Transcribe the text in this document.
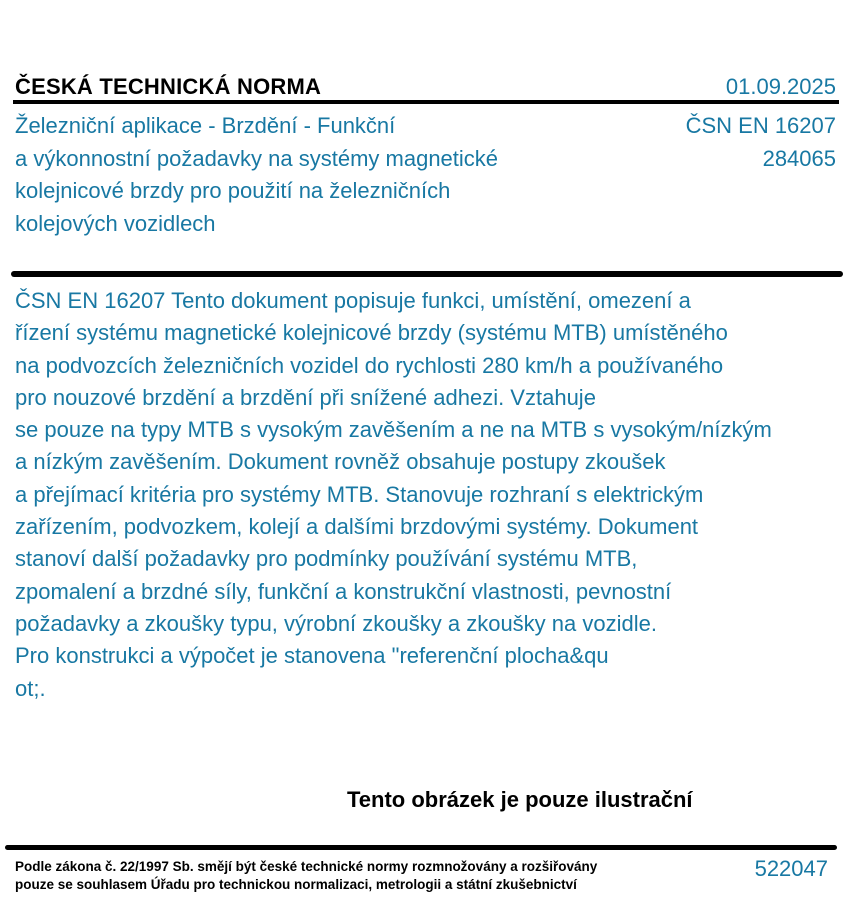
ČESKÁ TECHNICKÁ NORMA	01.09.2025
Železniční aplikace - Brzdění - Funkční
a výkonnostní požadavky na systémy magnetické
kolejnicové brzdy pro použití na železničních
kolejových vozidlech
ČSN EN 16207
284065
ČSN EN 16207 Tento dokument popisuje funkci, umístění, omezení a
řízení systému magnetické kolejnicové brzdy (systému MTB) umístěného
na podvozcích železničních vozidel do rychlosti 280 km/h a používaného
pro nouzové brzdění a brzdění při snížené adhezi. Vztahuje
se pouze na typy MTB s vysokým zavěšením a ne na MTB s vysokým/nízkým
a nízkým zavěšením. Dokument rovněž obsahuje postupy zkoušek
a přejímací kritéria pro systémy MTB. Stanovuje rozhraní s elektrickým
zařízením, podvozkem, kolejí a dalšími brzdovými systémy. Dokument
stanoví další požadavky pro podmínky používání systému MTB,
zpomalení a brzdné síly, funkční a konstrukční vlastnosti, pevnostní
požadavky a zkoušky typu, výrobní zkoušky a zkoušky na vozidle.
Pro konstrukci a výpočet je stanovena "referenční plocha&qu
ot;.
Tento obrázek je pouze ilustrační
Podle zákona č. 22/1997 Sb. smějí být české technické normy rozmnožovány a rozšiřovány
pouze se souhlasem Úřadu pro technickou normalizaci, metrologii a státní zkušebnictví
522047
